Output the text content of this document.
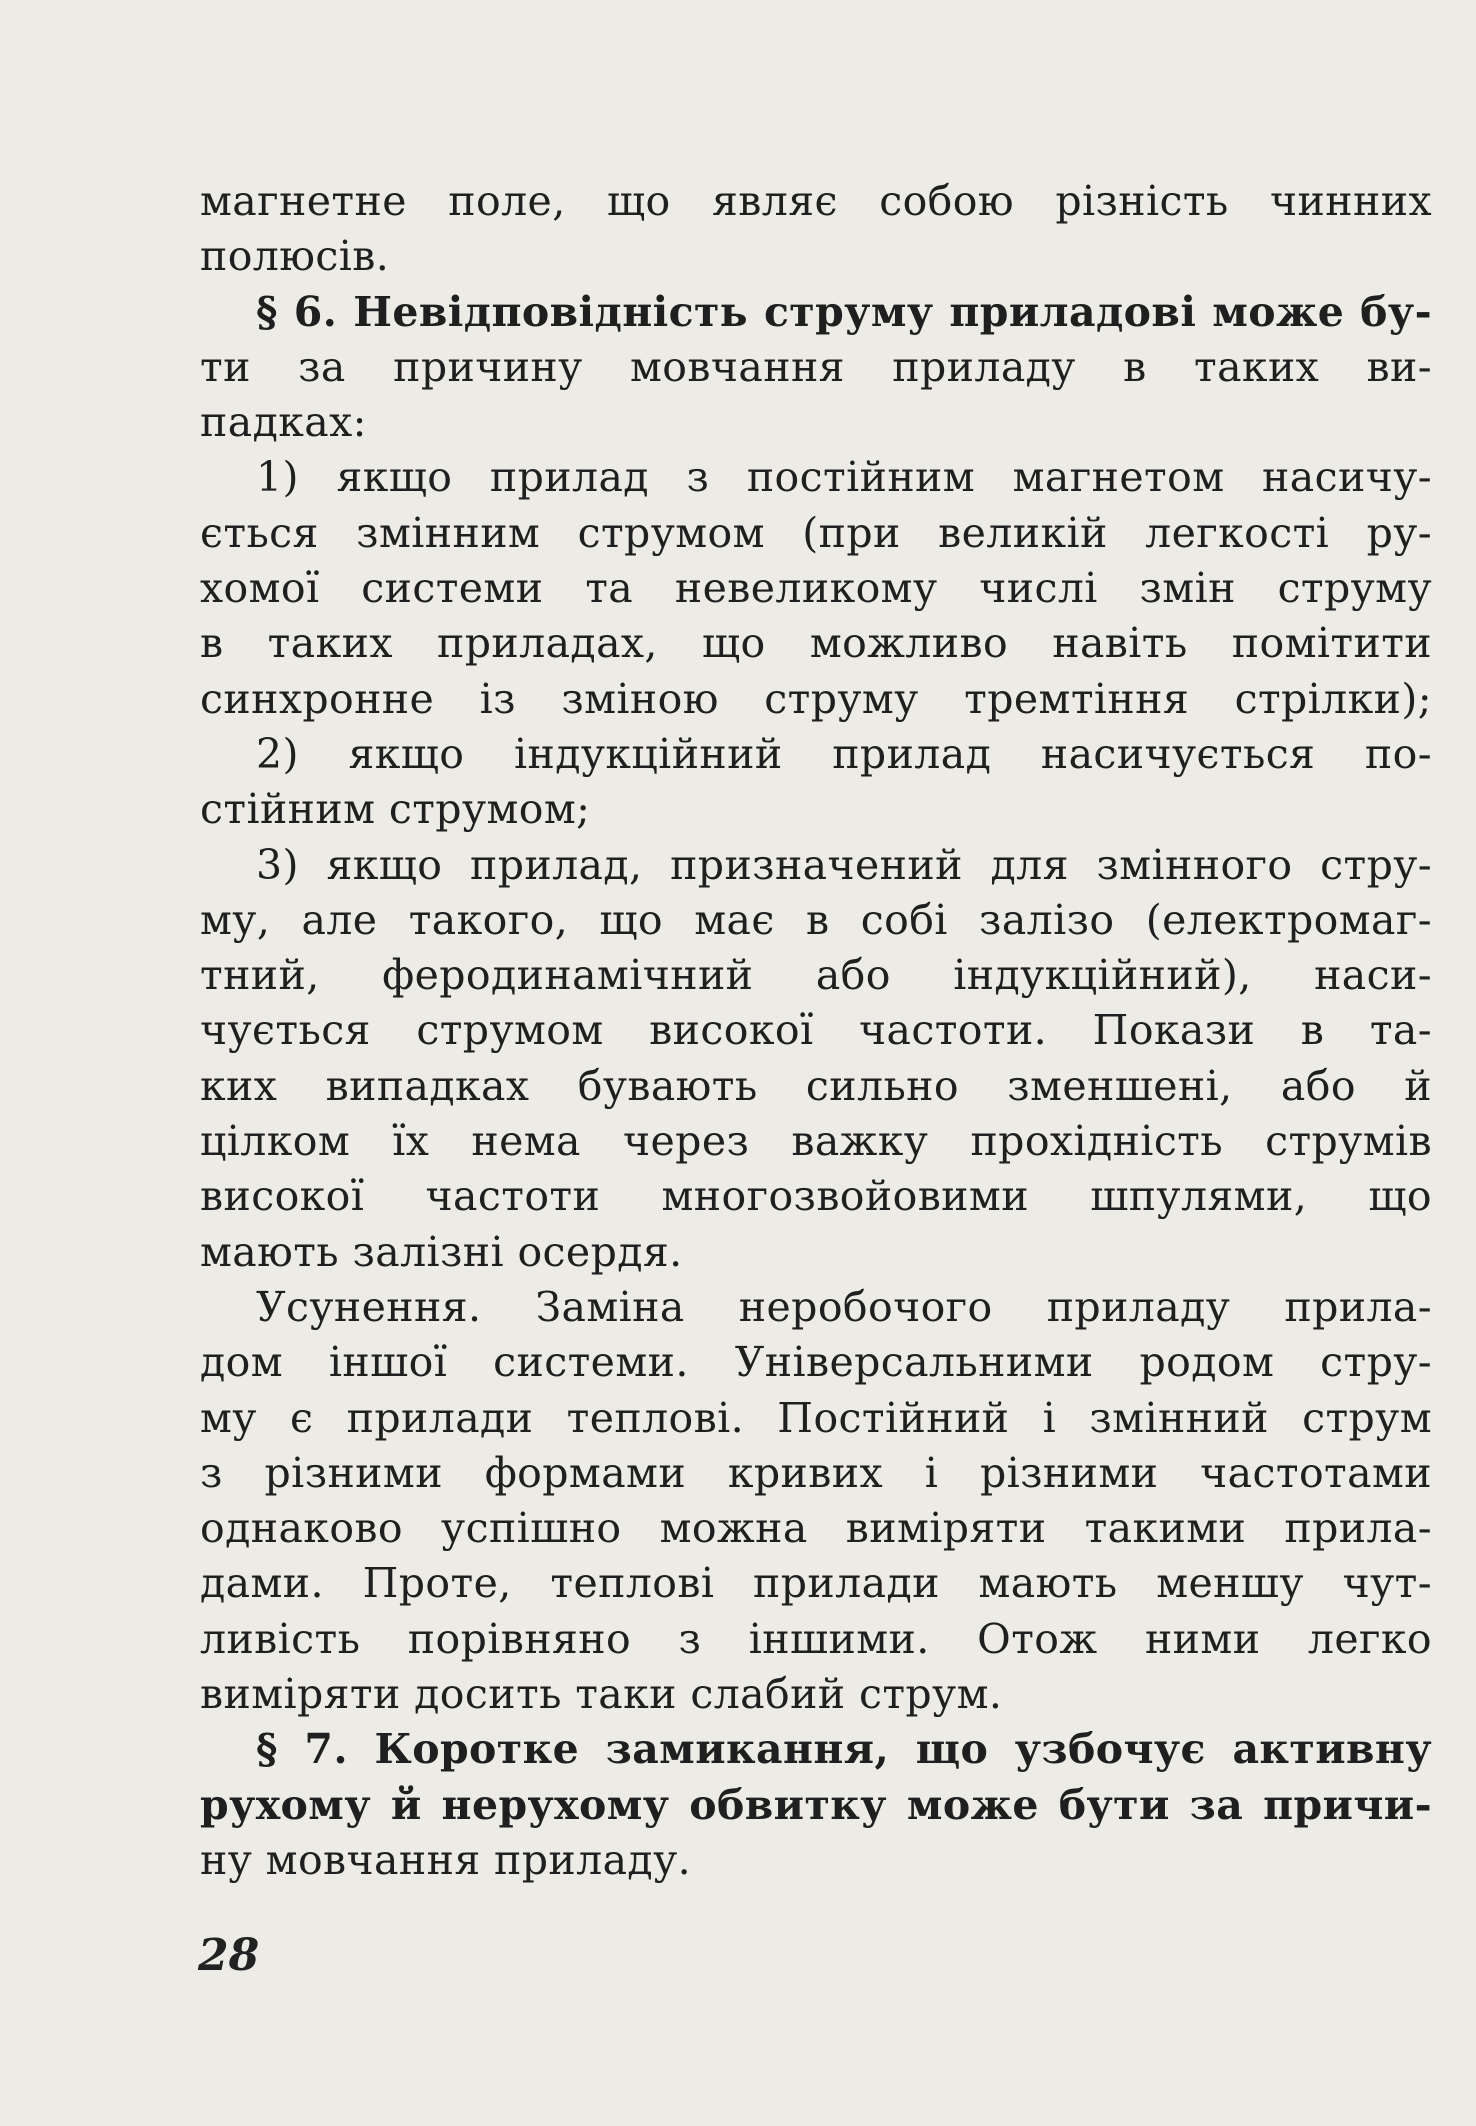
магнетне поле, що являє собою різність чинних
полюсів.
§ 6. Невідповідність струму приладові може бу-
ти за причину мовчання приладу в таких ви-
падках:
1) якщо прилад з постійним магнетом насичу-
ється змінним струмом (при великій легкості ру-
хомої системи та невеликому числі змін струму
в таких приладах, що можливо навіть помітити
синхронне із зміною струму тремтіння стрілки);
2) якщо індукційний прилад насичується по-
стійним струмом;
3) якщо прилад, призначений для змінного стру-
му, але такого, що має в собі залізо (електромаг-
тний, феродинамічний або індукційний), наси-
чується струмом високої частоти. Покази в та-
ких випадках бувають сильно зменшені, або й
цілком їх нема через важку прохідність струмів
високої частоти многозвойовими шпулями, що
мають залізні осердя.
Усунення. Заміна неробочого приладу прила-
дом іншої системи. Універсальними родом стру-
му є прилади теплові. Постійний і змінний струм
з різними формами кривих і різними частотами
однаково успішно можна виміряти такими прила-
дами. Проте, теплові прилади мають меншу чут-
ливість порівняно з іншими. Отож ними легко
виміряти досить таки слабий струм.
§ 7. Коротке замикання, що узбочує активну
рухому й нерухому обвитку може бути за причи-
ну мовчання приладу.
28
